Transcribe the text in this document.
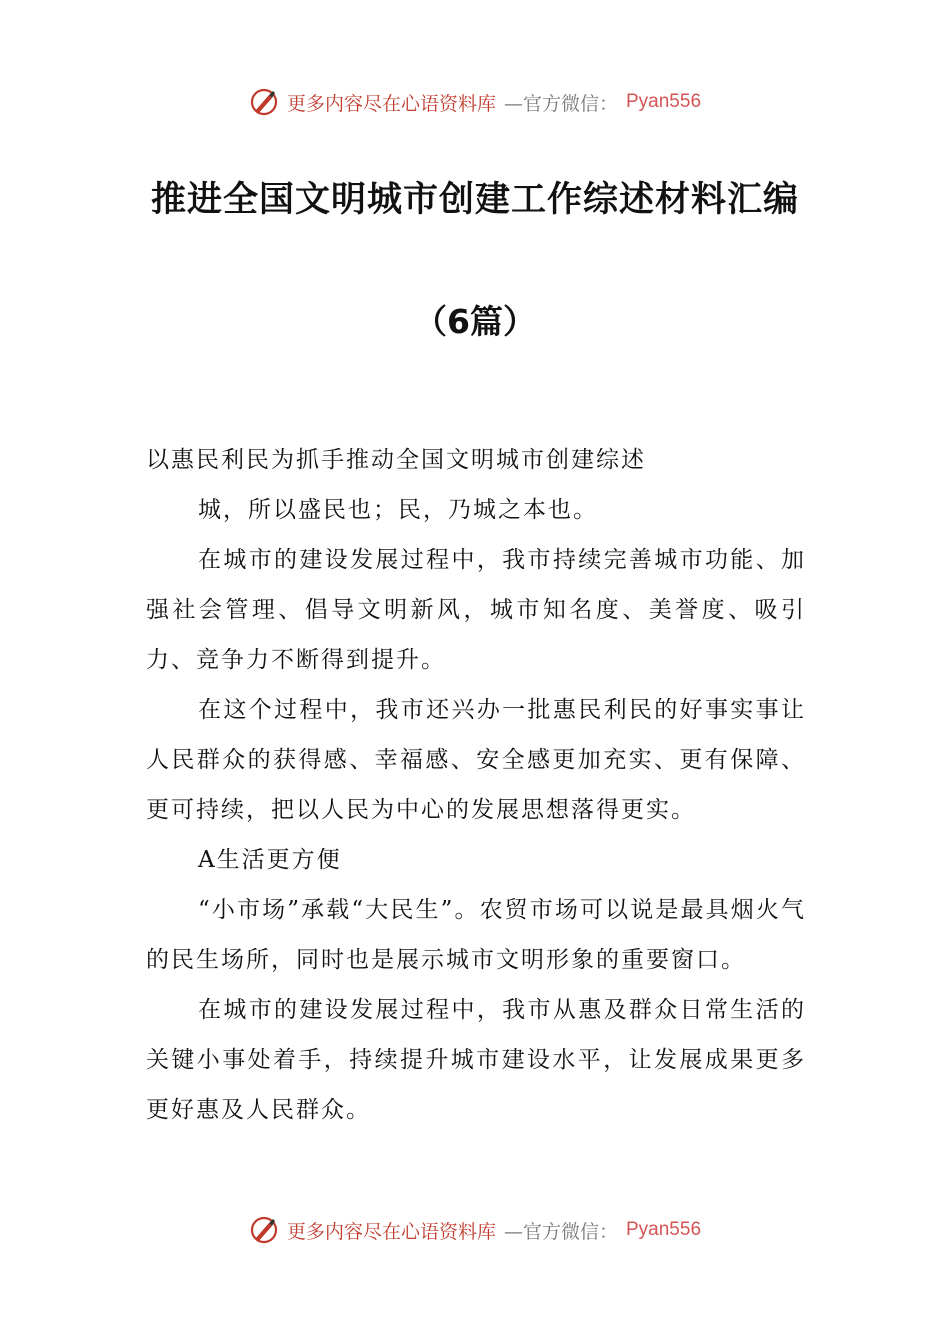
更多内容尽在心语资料库 —官方微信： Pyan556
推进全国文明城市创建工作综述材料汇编
（6篇）

以惠民利民为抓手推动全国文明城市创建综述

城，所以盛民也；民，乃城之本也。

在城市的建设发展过程中，我市持续完善城市功能、加强社会管理、倡导文明新风，城市知名度、美誉度、吸引力、竞争力不断得到提升。

在这个过程中，我市还兴办一批惠民利民的好事实事让人民群众的获得感、幸福感、安全感更加充实、更有保障、更可持续，把以人民为中心的发展思想落得更实。

A生活更方便

“小市场”承载“大民生”。农贸市场可以说是最具烟火气的民生场所，同时也是展示城市文明形象的重要窗口。

在城市的建设发展过程中，我市从惠及群众日常生活的关键小事处着手，持续提升城市建设水平，让发展成果更多更好惠及人民群众。

更多内容尽在心语资料库 —官方微信： Pyan556
